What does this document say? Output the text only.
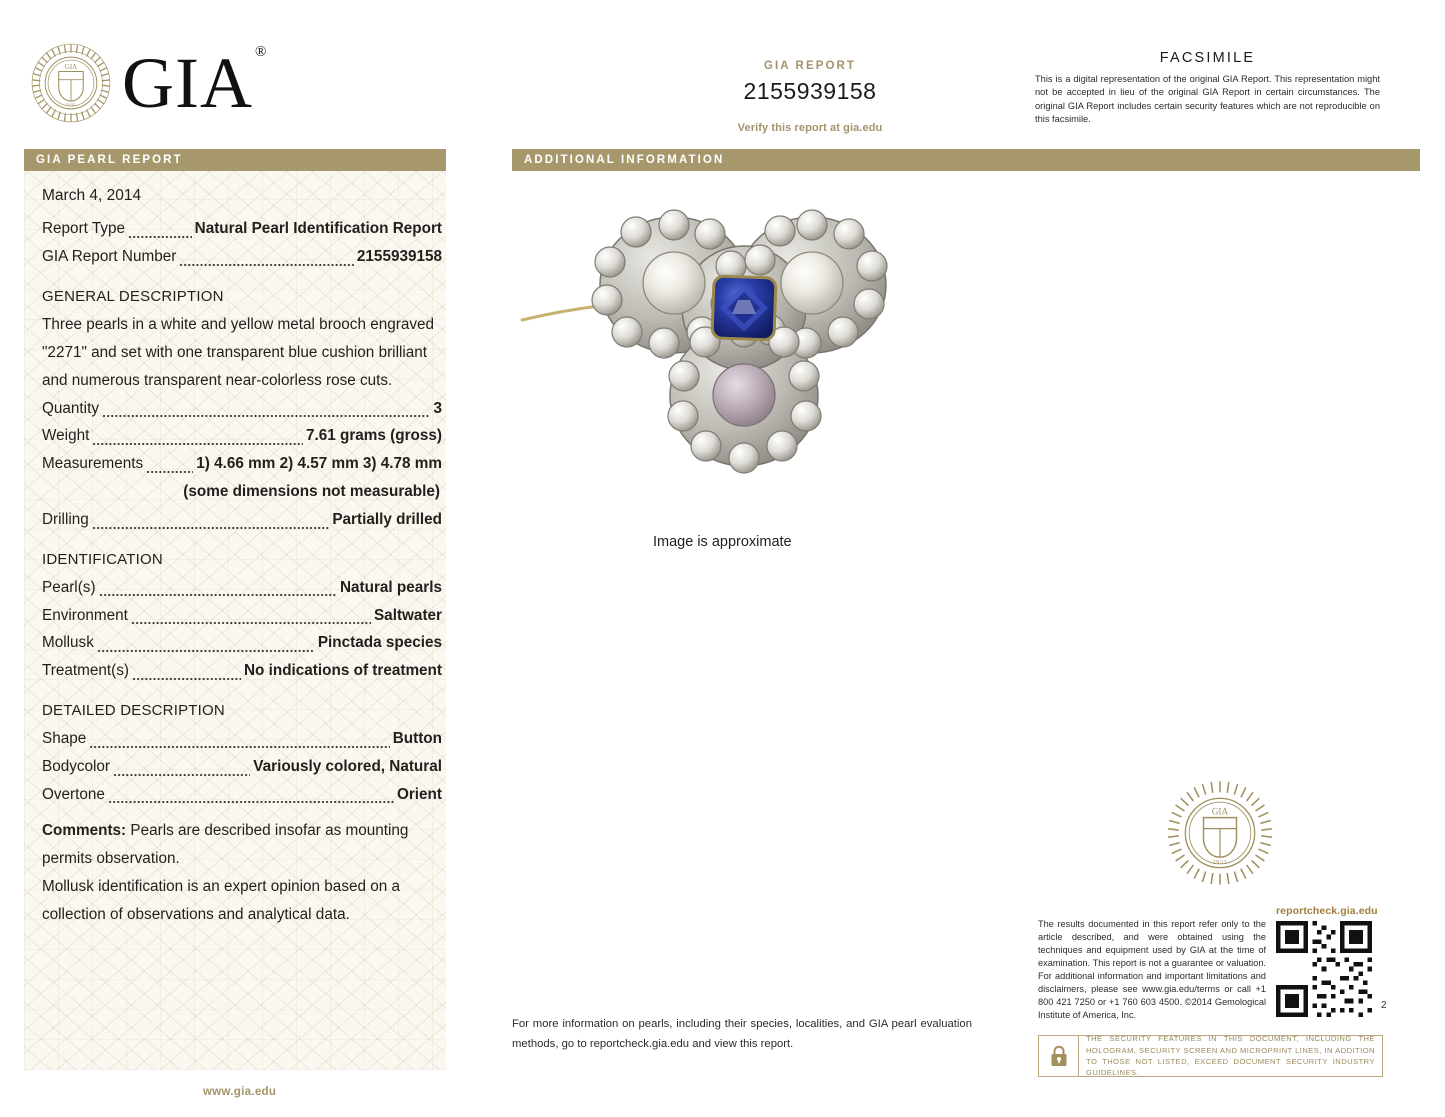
GIA
1931 GIA ®
GIA REPORT
2155939158
Verify this report at gia.edu
FACSIMILE
This is a digital representation of the original GIA Report. This representation might not be accepted in lieu of the original GIA Report in certain circumstances. The original GIA Report includes certain security features which are not reproducible on this facsimile.
GIA PEARL REPORT	ADDITIONAL INFORMATION
March 4, 2014
Report Type	Natural Pearl Identification Report
GIA Report Number	2155939158
GENERAL DESCRIPTION
Three pearls in a white and yellow metal brooch engraved "2271" and set with one transparent blue cushion brilliant and numerous transparent near-colorless rose cuts.
Quantity	3
Weight	7.61 grams (gross)
Measurements	1) 4.66 mm 2) 4.57 mm 3) 4.78 mm
(some dimensions not measurable)
Drilling	Partially drilled
IDENTIFICATION
Pearl(s)	Natural pearls
Environment	Saltwater
Mollusk	Pinctada species
Treatment(s)	No indications of treatment
DETAILED DESCRIPTION
Shape	Button
Bodycolor	Variously colored, Natural
Overtone	Orient
Comments: Pearls are described insofar as mounting permits observation.
Mollusk identification is an expert opinion based on a collection of observations and analytical data.
Image is approximate
GIA
1931
reportcheck.gia.edu
2
The results documented in this report refer only to the article described, and were obtained using the techniques and equipment used by GIA at the time of examination. This report is not a guarantee or valuation. For additional information and important limitations and disclaimers, please see www.gia.edu/terms or call +1 800 421 7250 or +1 760 603 4500. ©2014 Gemological Institute of America, Inc.
THE SECURITY FEATURES IN THIS DOCUMENT, INCLUDING THE HOLOGRAM, SECURITY SCREEN AND MICROPRINT LINES, IN ADDITION TO THOSE NOT LISTED, EXCEED DOCUMENT SECURITY INDUSTRY GUIDELINES.
For more information on pearls, including their species, localities, and GIA pearl evaluation methods, go to reportcheck.gia.edu and view this report.
www.gia.edu
